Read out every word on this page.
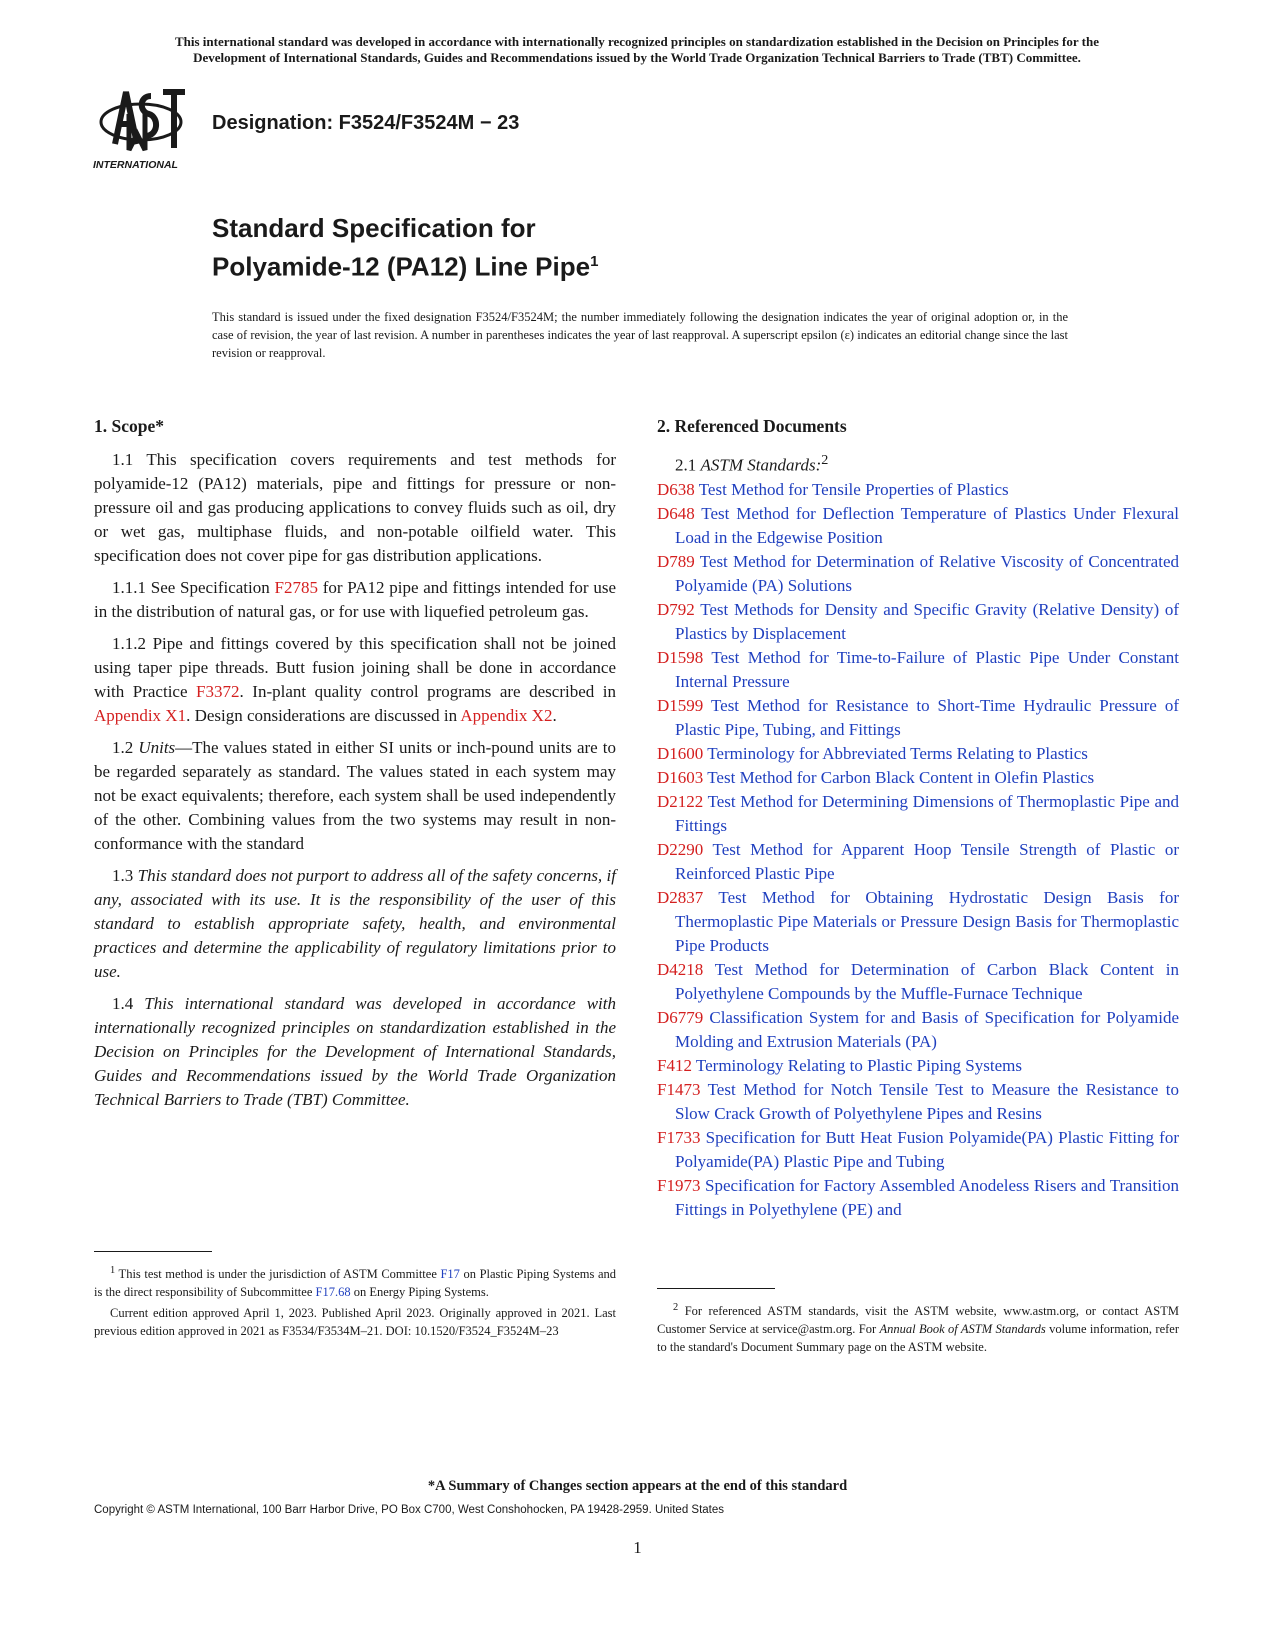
This international standard was developed in accordance with internationally recognized principles on standardization established in the Decision on Principles for the
Development of International Standards, Guides and Recommendations issued by the World Trade Organization Technical Barriers to Trade (TBT) Committee.
INTERNATIONAL
Designation: F3524/F3524M − 23
Standard Specification for
Polyamide-12 (PA12) Line Pipe$^1$
This standard is issued under the fixed designation F3524/F3524M; the number immediately following the designation indicates the year of original adoption or, in the case of revision, the year of last revision. A number in parentheses indicates the year of last reapproval. A superscript epsilon (ε) indicates an editorial change since the last revision or reapproval.
1. Scope*

1.1 This specification covers requirements and test methods for polyamide-12 (PA12) materials, pipe and fittings for pressure or non-pressure oil and gas producing applications to convey fluids such as oil, dry or wet gas, multiphase fluids, and non-potable oilfield water. This specification does not cover pipe for gas distribution applications.

1.1.1 See Specification F2785 for PA12 pipe and fittings intended for use in the distribution of natural gas, or for use with liquefied petroleum gas.

1.1.2 Pipe and fittings covered by this specification shall not be joined using taper pipe threads. Butt fusion joining shall be done in accordance with Practice F3372. In-plant quality control programs are described in Appendix X1. Design considerations are discussed in Appendix X2.

1.2 Units—The values stated in either SI units or inch-pound units are to be regarded separately as standard. The values stated in each system may not be exact equivalents; therefore, each system shall be used independently of the other. Combining values from the two systems may result in non-conformance with the standard

1.3 This standard does not purport to address all of the safety concerns, if any, associated with its use. It is the responsibility of the user of this standard to establish appropriate safety, health, and environmental practices and determine the applicability of regulatory limitations prior to use.

1.4 This international standard was developed in accordance with internationally recognized principles on standardization established in the Decision on Principles for the Development of International Standards, Guides and Recommendations issued by the World Trade Organization Technical Barriers to Trade (TBT) Committee.

2. Referenced Documents

2.1 ASTM Standards:$^2$

D638 Test Method for Tensile Properties of Plastics

D648 Test Method for Deflection Temperature of Plastics Under Flexural Load in the Edgewise Position

D789 Test Method for Determination of Relative Viscosity of Concentrated Polyamide (PA) Solutions

D792 Test Methods for Density and Specific Gravity (Relative Density) of Plastics by Displacement

D1598 Test Method for Time-to-Failure of Plastic Pipe Under Constant Internal Pressure

D1599 Test Method for Resistance to Short-Time Hydraulic Pressure of Plastic Pipe, Tubing, and Fittings

D1600 Terminology for Abbreviated Terms Relating to Plastics

D1603 Test Method for Carbon Black Content in Olefin Plastics

D2122 Test Method for Determining Dimensions of Thermoplastic Pipe and Fittings

D2290 Test Method for Apparent Hoop Tensile Strength of Plastic or Reinforced Plastic Pipe

D2837 Test Method for Obtaining Hydrostatic Design Basis for Thermoplastic Pipe Materials or Pressure Design Basis for Thermoplastic Pipe Products

D4218 Test Method for Determination of Carbon Black Content in Polyethylene Compounds by the Muffle-Furnace Technique

D6779 Classification System for and Basis of Specification for Polyamide Molding and Extrusion Materials (PA)

F412 Terminology Relating to Plastic Piping Systems

F1473 Test Method for Notch Tensile Test to Measure the Resistance to Slow Crack Growth of Polyethylene Pipes and Resins

F1733 Specification for Butt Heat Fusion Polyamide(PA) Plastic Fitting for Polyamide(PA) Plastic Pipe and Tubing

F1973 Specification for Factory Assembled Anodeless Risers and Transition Fittings in Polyethylene (PE) and

$^1$ This test method is under the jurisdiction of ASTM Committee F17 on Plastic Piping Systems and is the direct responsibility of Subcommittee F17.68 on Energy Piping Systems.

Current edition approved April 1, 2023. Published April 2023. Originally approved in 2021. Last previous edition approved in 2021 as F3534/F3534M–21. DOI: 10.1520/F3524_F3524M–23

$^2$ For referenced ASTM standards, visit the ASTM website, www.astm.org, or contact ASTM Customer Service at service@astm.org. For Annual Book of ASTM Standards volume information, refer to the standard's Document Summary page on the ASTM website.

*A Summary of Changes section appears at the end of this standard
Copyright © ASTM International, 100 Barr Harbor Drive, PO Box C700, West Conshohocken, PA 19428-2959. United States
1
